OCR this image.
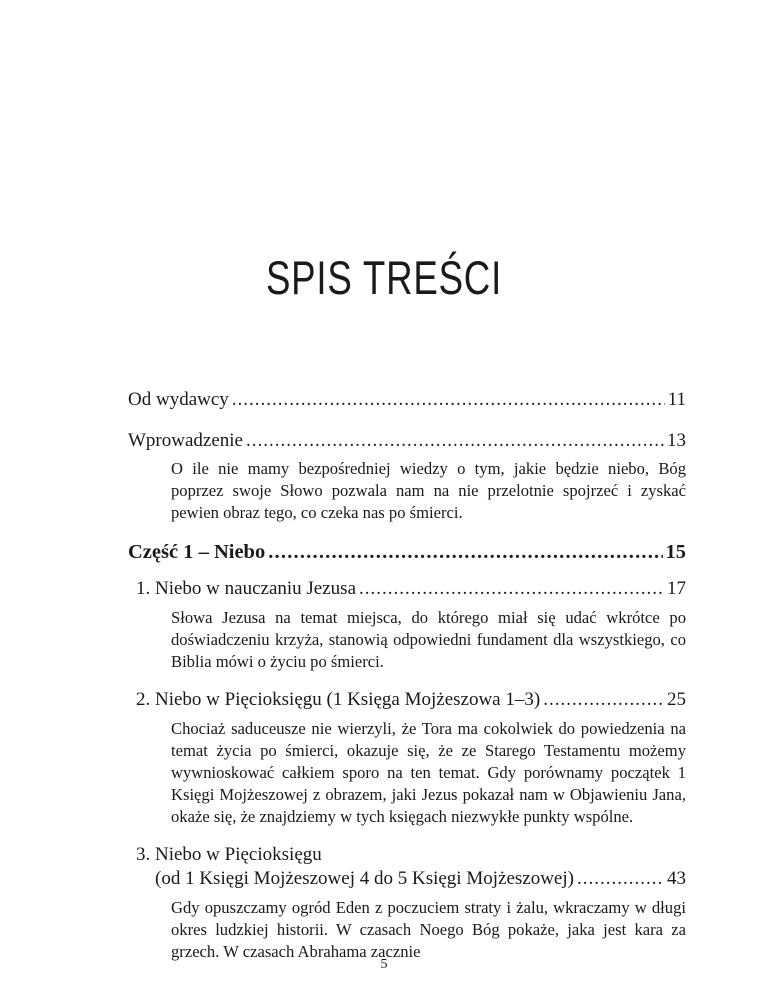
SPIS TREŚCI
Od wydawcy .....	11
Wprowadzenie .....	13
O ile nie mamy bezpośredniej wiedzy o tym, jakie będzie niebo, Bóg poprzez swoje Słowo pozwala nam na nie przelotnie spojrzeć i zyskać pewien obraz tego, co czeka nas po śmierci.
Część 1 – Niebo .....	15
1. Niebo w nauczaniu Jezusa .....	17
Słowa Jezusa na temat miejsca, do którego miał się udać wkrótce po doświadczeniu krzyża, stanowią odpowiedni fundament dla wszystkiego, co Biblia mówi o życiu po śmierci.
2. Niebo w Pięcioksięgu (1 Księga Mojżeszowa 1–3) .....	25
Chociaż saduceusze nie wierzyli, że Tora ma cokolwiek do powiedzenia na temat życia po śmierci, okazuje się, że ze Starego Testamentu możemy wywnioskować całkiem sporo na ten temat. Gdy porównamy początek 1 Księgi Mojżeszowej z obrazem, jaki Jezus pokazał nam w Objawieniu Jana, okaże się, że znajdziemy w tych księgach niezwykłe punkty wspólne.
3. Niebo w Pięcioksięgu
(od 1 Księgi Mojżeszowej 4 do 5 Księgi Mojżeszowej) .....	43
Gdy opuszczamy ogród Eden z poczuciem straty i żalu, wkraczamy w długi okres ludzkiej historii. W czasach Noego Bóg pokaże, jaka jest kara za grzech. W czasach Abrahama zacznie
5
